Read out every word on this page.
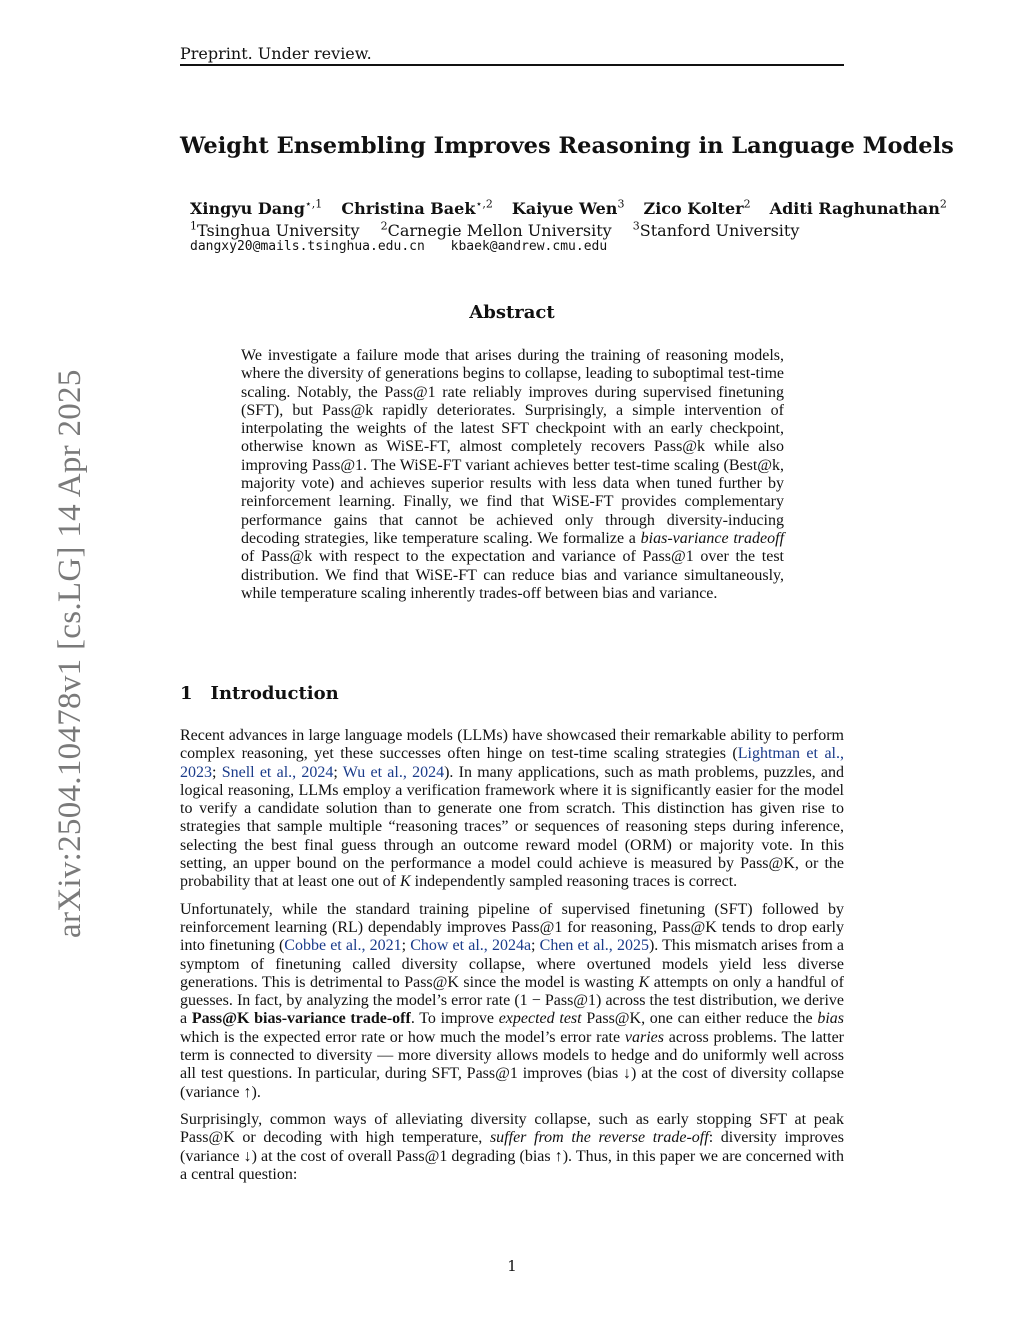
Preprint. Under review.
arXiv:2504.10478v1 [cs.LG] 14 Apr 2025
Weight Ensembling Improves Reasoning in Language Models
Xingyu Dang$^{⋆,1}$ Christina Baek$^{⋆,2}$ Kaiyue Wen$^3$ Zico Kolter$^2$ Aditi Raghunathan$^2$
$^1$Tsinghua University $^2$Carnegie Mellon University $^3$Stanford University
dangxy20@mails.tsinghua.edu.cn kbaek@andrew.cmu.edu
Abstract

We investigate a failure mode that arises during the training of reasoning models, where the diversity of generations begins to collapse, leading to suboptimal test-time scaling. Notably, the Pass@1 rate reliably improves during supervised finetuning (SFT), but Pass@k rapidly deteriorates. Surprisingly, a simple intervention of interpolating the weights of the latest SFT checkpoint with an early checkpoint, otherwise known as WiSE-FT, almost completely recovers Pass@k while also improving Pass@1. The WiSE-FT variant achieves better test-time scaling (Best@k, majority vote) and achieves superior results with less data when tuned further by reinforcement learning. Finally, we find that WiSE-FT provides complementary performance gains that cannot be achieved only through diversity-inducing decoding strategies, like temperature scaling. We formalize a bias-variance tradeoff of Pass@k with respect to the expectation and variance of Pass@1 over the test distribution. We find that WiSE-FT can reduce bias and variance simultaneously, while temperature scaling inherently trades-off between bias and variance.

1 Introduction

Recent advances in large language models (LLMs) have showcased their remarkable ability to perform complex reasoning, yet these successes often hinge on test-time scaling strategies (Lightman et al., 2023; Snell et al., 2024; Wu et al., 2024). In many applications, such as math problems, puzzles, and logical reasoning, LLMs employ a verification framework where it is significantly easier for the model to verify a candidate solution than to generate one from scratch. This distinction has given rise to strategies that sample multiple “reasoning traces” or sequences of reasoning steps during inference, selecting the best final guess through an outcome reward model (ORM) or majority vote. In this setting, an upper bound on the performance a model could achieve is measured by Pass@K, or the probability that at least one out of K independently sampled reasoning traces is correct.

Unfortunately, while the standard training pipeline of supervised finetuning (SFT) followed by reinforcement learning (RL) dependably improves Pass@1 for reasoning, Pass@K tends to drop early into finetuning (Cobbe et al., 2021; Chow et al., 2024a; Chen et al., 2025). This mismatch arises from a symptom of finetuning called diversity collapse, where overtuned models yield less diverse generations. This is detrimental to Pass@K since the model is wasting K attempts on only a handful of guesses. In fact, by analyzing the model’s error rate (1 − Pass@1) across the test distribution, we derive a Pass@K bias-variance trade-off. To improve expected test Pass@K, one can either reduce the bias which is the expected error rate or how much the model’s error rate varies across problems. The latter term is connected to diversity — more diversity allows models to hedge and do uniformly well across all test questions. In particular, during SFT, Pass@1 improves (bias ↓) at the cost of diversity collapse (variance ↑).

Surprisingly, common ways of alleviating diversity collapse, such as early stopping SFT at peak Pass@K or decoding with high temperature, suffer from the reverse trade-off: diversity improves (variance ↓) at the cost of overall Pass@1 degrading (bias ↑). Thus, in this paper we are concerned with a central question:

1
